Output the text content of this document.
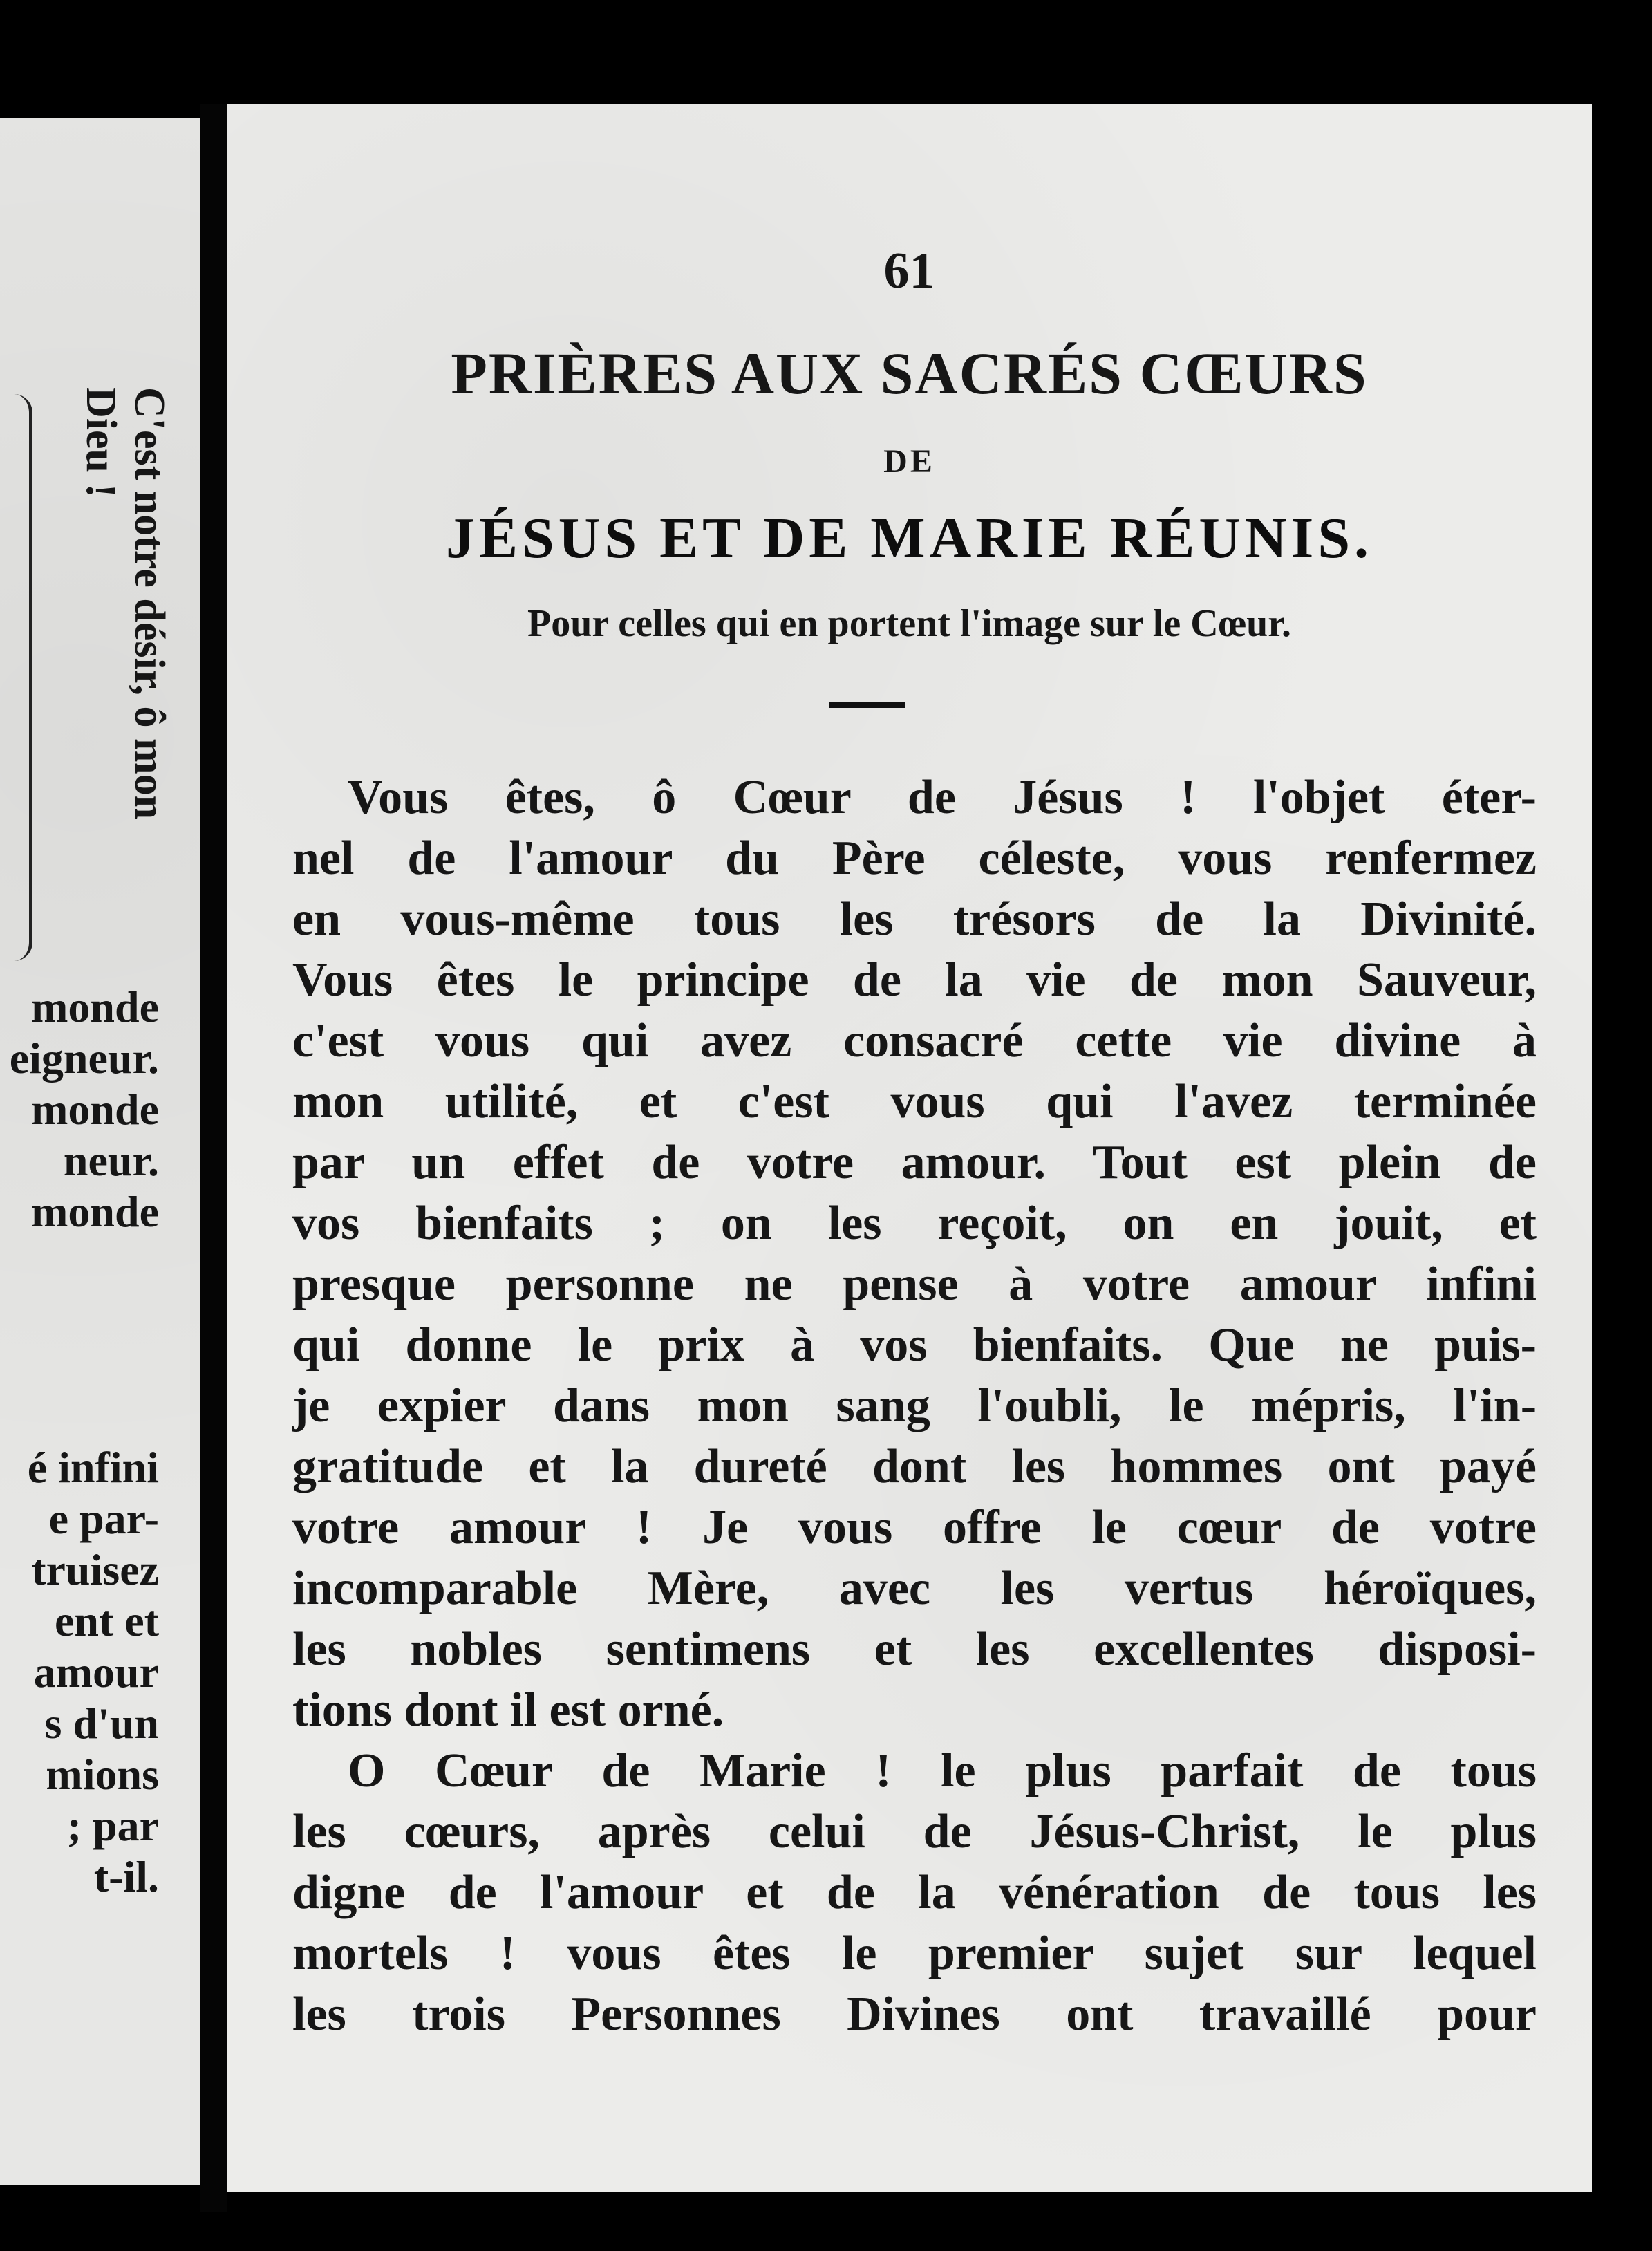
C'est notre désir, ô mon
Dieu !
monde
eigneur.
monde
neur.
monde
é infini
e par-
truisez
ent et
amour
s d'un
mions
; par
t-il.
61
PRIÈRES AUX SACRÉS CŒURS
DE
JÉSUS ET DE MARIE RÉUNIS.
Pour celles qui en portent l'image sur le Cœur.
Vous êtes, ô Cœur de Jésus ! l'objet éter-
nel de l'amour du Père céleste, vous renfermez
en vous-même tous les trésors de la Divinité.
Vous êtes le principe de la vie de mon Sauveur,
c'est vous qui avez consacré cette vie divine à
mon utilité, et c'est vous qui l'avez terminée
par un effet de votre amour. Tout est plein de
vos bienfaits ; on les reçoit, on en jouit, et
presque personne ne pense à votre amour infini
qui donne le prix à vos bienfaits. Que ne puis-
je expier dans mon sang l'oubli, le mépris, l'in-
gratitude et la dureté dont les hommes ont payé
votre amour ! Je vous offre le cœur de votre
incomparable Mère, avec les vertus héroïques,
les nobles sentimens et les excellentes disposi-
tions dont il est orné.
O Cœur de Marie ! le plus parfait de tous
les cœurs, après celui de Jésus-Christ, le plus
digne de l'amour et de la vénération de tous les
mortels ! vous êtes le premier sujet sur lequel
les trois Personnes Divines ont travaillé pour
